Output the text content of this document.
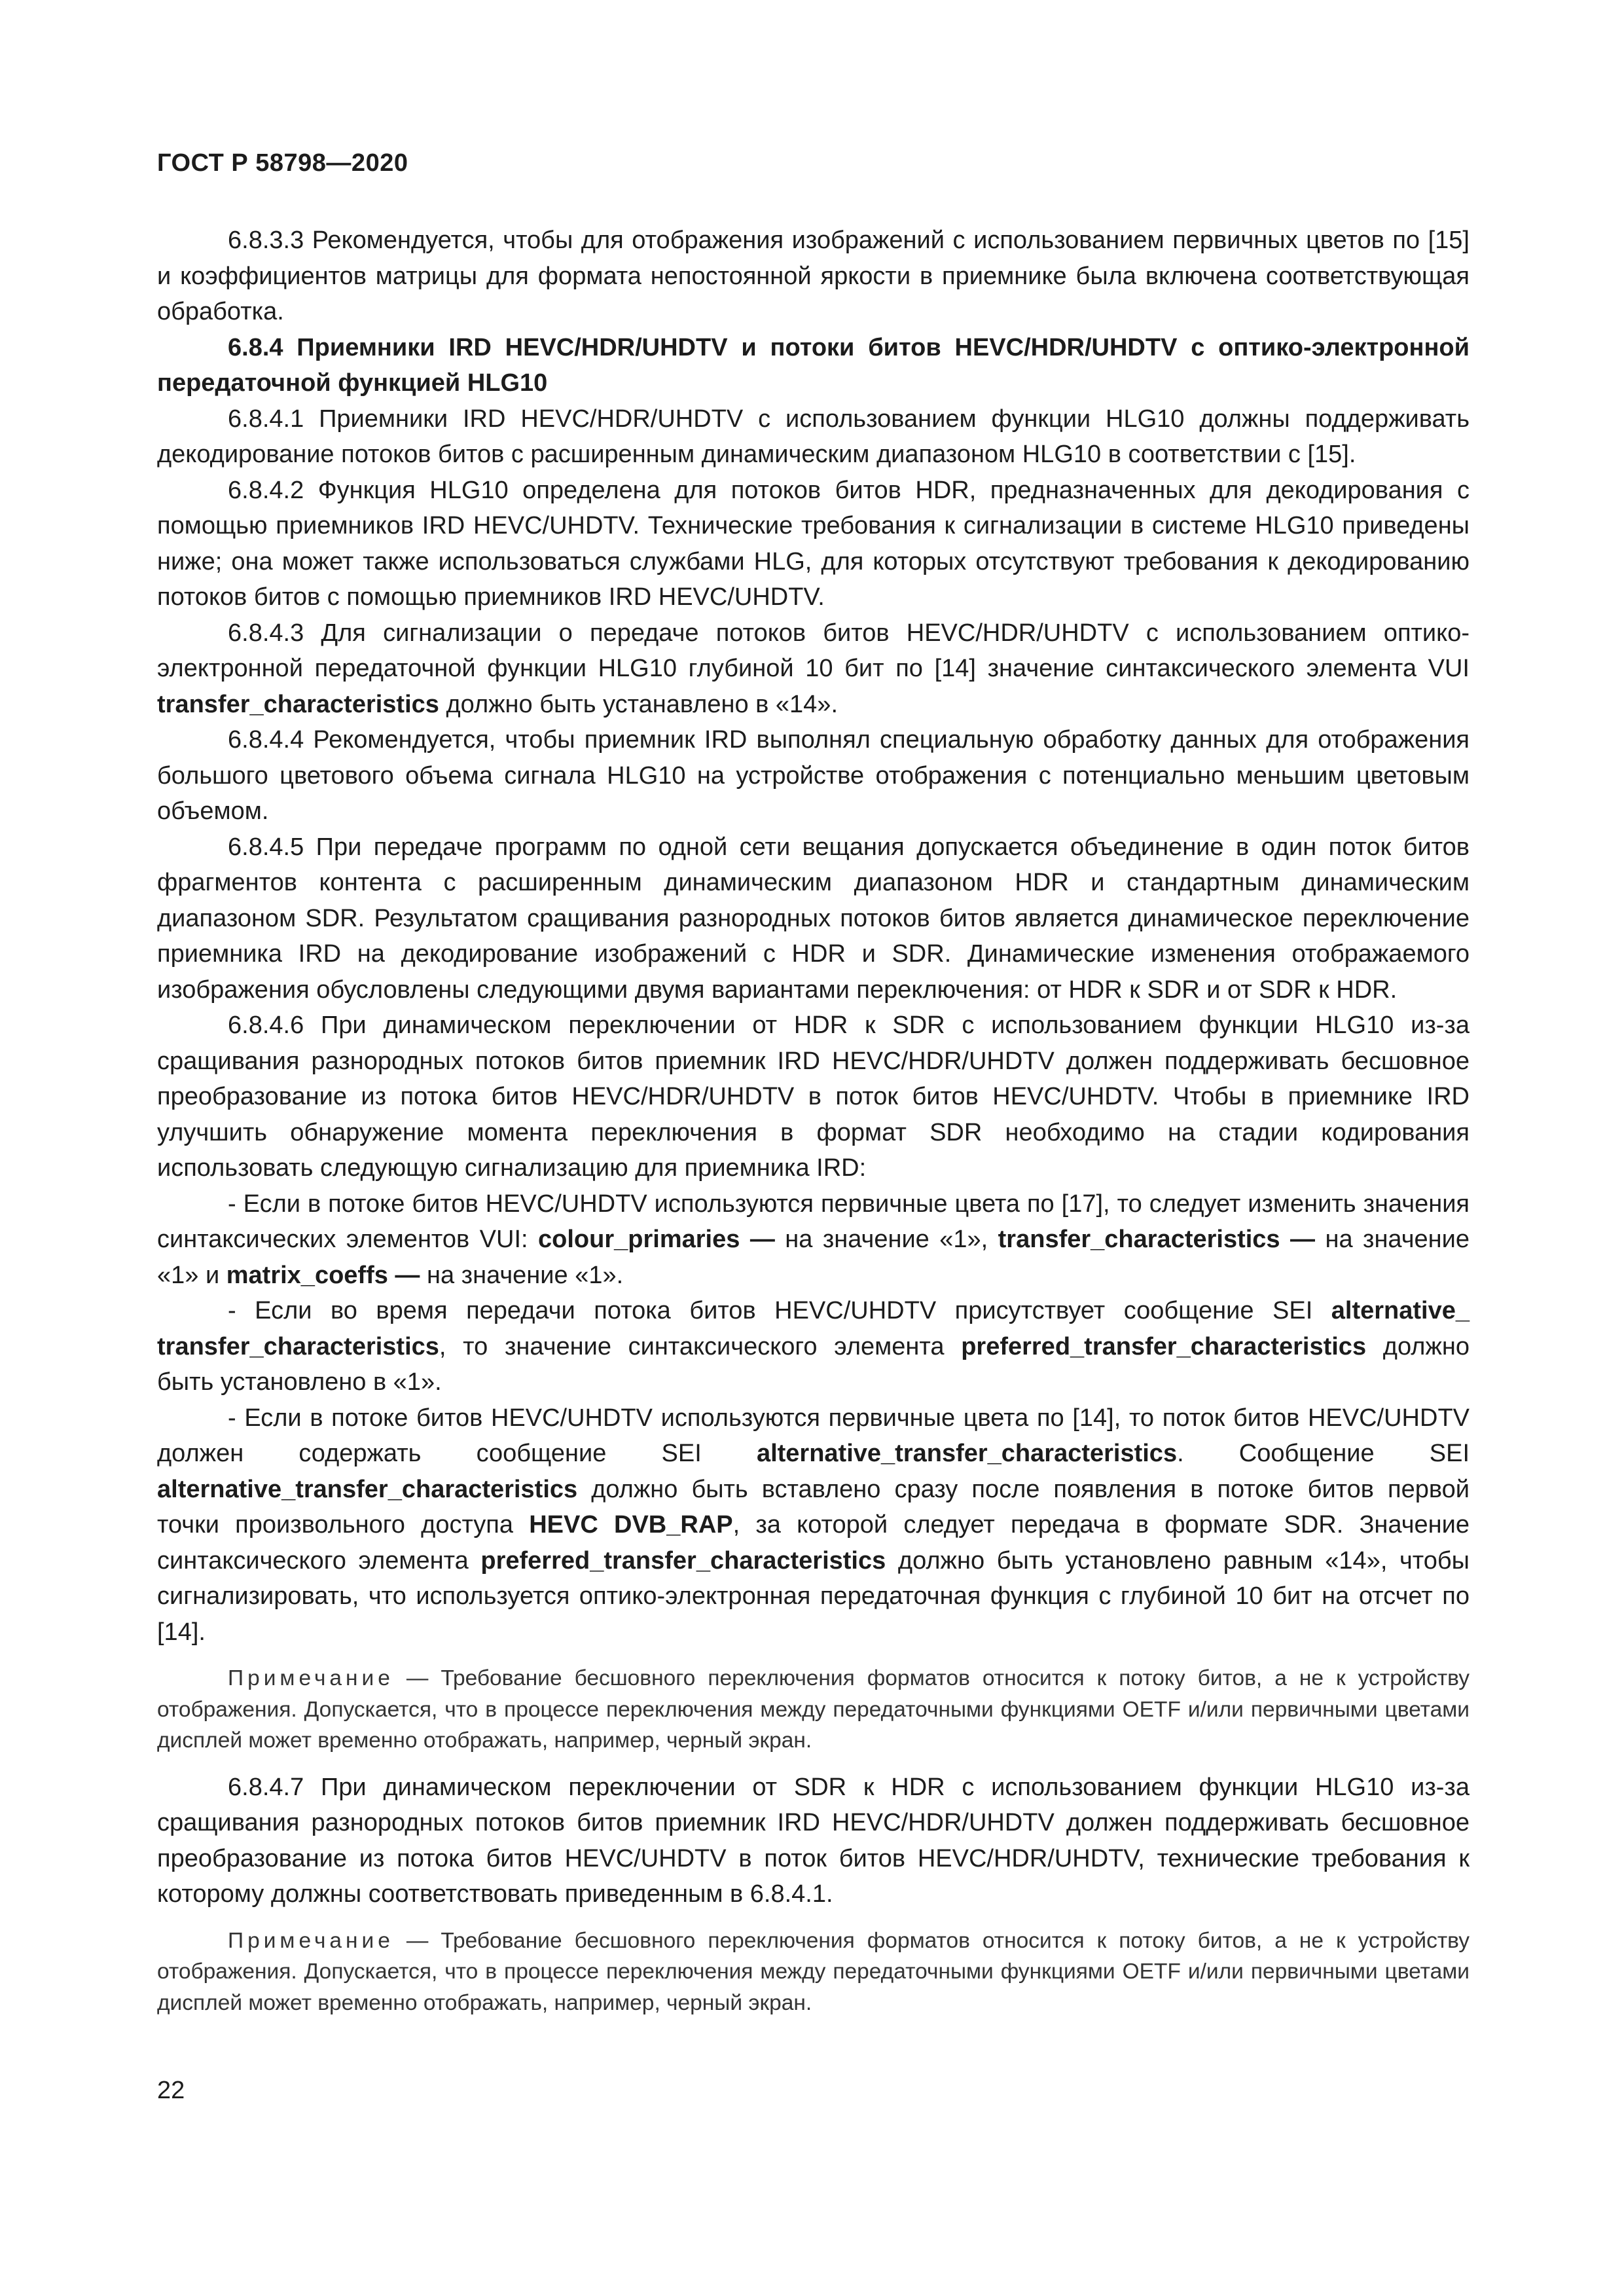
ГОСТ Р 58798—2020

6.8.3.3 Рекомендуется, чтобы для отображения изображений с использованием первичных цветов по [15] и коэффициентов матрицы для формата непостоянной яркости в приемнике была включена соответствующая обработка.

6.8.4 Приемники IRD HEVC/HDR/UHDTV и потоки битов HEVC/HDR/UHDTV с оптико-электронной передаточной функцией HLG10

6.8.4.1 Приемники IRD HEVC/HDR/UHDTV с использованием функции HLG10 должны поддерживать декодирование потоков битов с расширенным динамическим диапазоном HLG10 в соответствии с [15].

6.8.4.2 Функция HLG10 определена для потоков битов HDR, предназначенных для декодирования с помощью приемников IRD HEVC/UHDTV. Технические требования к сигнализации в системе HLG10 приведены ниже; она может также использоваться службами HLG, для которых отсутствуют требования к декодированию потоков битов с помощью приемников IRD HEVC/UHDTV.

6.8.4.3 Для сигнализации о передаче потоков битов HEVC/HDR/UHDTV с использованием оптико-электронной передаточной функции HLG10 глубиной 10 бит по [14] значение синтаксического элемента VUI transfer_characteristics должно быть устанавлено в «14».

6.8.4.4 Рекомендуется, чтобы приемник IRD выполнял специальную обработку данных для отображения большого цветового объема сигнала HLG10 на устройстве отображения с потенциально меньшим цветовым объемом.

6.8.4.5 При передаче программ по одной сети вещания допускается объединение в один поток битов фрагментов контента с расширенным динамическим диапазоном HDR и стандартным динамическим диапазоном SDR. Результатом сращивания разнородных потоков битов является динамическое переключение приемника IRD на декодирование изображений с HDR и SDR. Динамические изменения отображаемого изображения обусловлены следующими двумя вариантами переключения: от HDR к SDR и от SDR к HDR.

6.8.4.6 При динамическом переключении от HDR к SDR с использованием функции HLG10 из-за сращивания разнородных потоков битов приемник IRD HEVC/HDR/UHDTV должен поддерживать бесшовное преобразование из потока битов HEVC/HDR/UHDTV в поток битов HEVC/UHDTV. Чтобы в приемнике IRD улучшить обнаружение момента переключения в формат SDR необходимо на стадии кодирования использовать следующую сигнализацию для приемника IRD:

- Если в потоке битов HEVC/UHDTV используются первичные цвета по [17], то следует изменить значения синтаксических элементов VUI: colour_primaries — на значение «1», transfer_characteristics — на значение «1» и matrix_coeffs — на значение «1».

- Если во время передачи потока битов HEVC/UHDTV присутствует сообщение SEI alternative_ transfer_characteristics, то значение синтаксического элемента preferred_transfer_characteristics должно быть установлено в «1».

- Если в потоке битов HEVC/UHDTV используются первичные цвета по [14], то поток битов HEVC/UHDTV должен содержать сообщение SEI alternative_transfer_characteristics. Сообщение SEI alternative_transfer_characteristics должно быть вставлено сразу после появления в потоке битов первой точки произвольного доступа HEVC DVB_RAP, за которой следует передача в формате SDR. Значение синтаксического элемента preferred_transfer_characteristics должно быть установлено равным «14», чтобы сигнализировать, что используется оптико-электронная передаточная функция с глубиной 10 бит на отсчет по [14].

Примечание — Требование бесшовного переключения форматов относится к потоку битов, а не к устройству отображения. Допускается, что в процессе переключения между передаточными функциями OETF и/или первичными цветами дисплей может временно отображать, например, черный экран.

6.8.4.7 При динамическом переключении от SDR к HDR с использованием функции HLG10 из-за сращивания разнородных потоков битов приемник IRD HEVC/HDR/UHDTV должен поддерживать бесшовное преобразование из потока битов HEVC/UHDTV в поток битов HEVC/HDR/UHDTV, технические требования к которому должны соответствовать приведенным в 6.8.4.1.

Примечание — Требование бесшовного переключения форматов относится к потоку битов, а не к устройству отображения. Допускается, что в процессе переключения между передаточными функциями OETF и/или первичными цветами дисплей может временно отображать, например, черный экран.

22
